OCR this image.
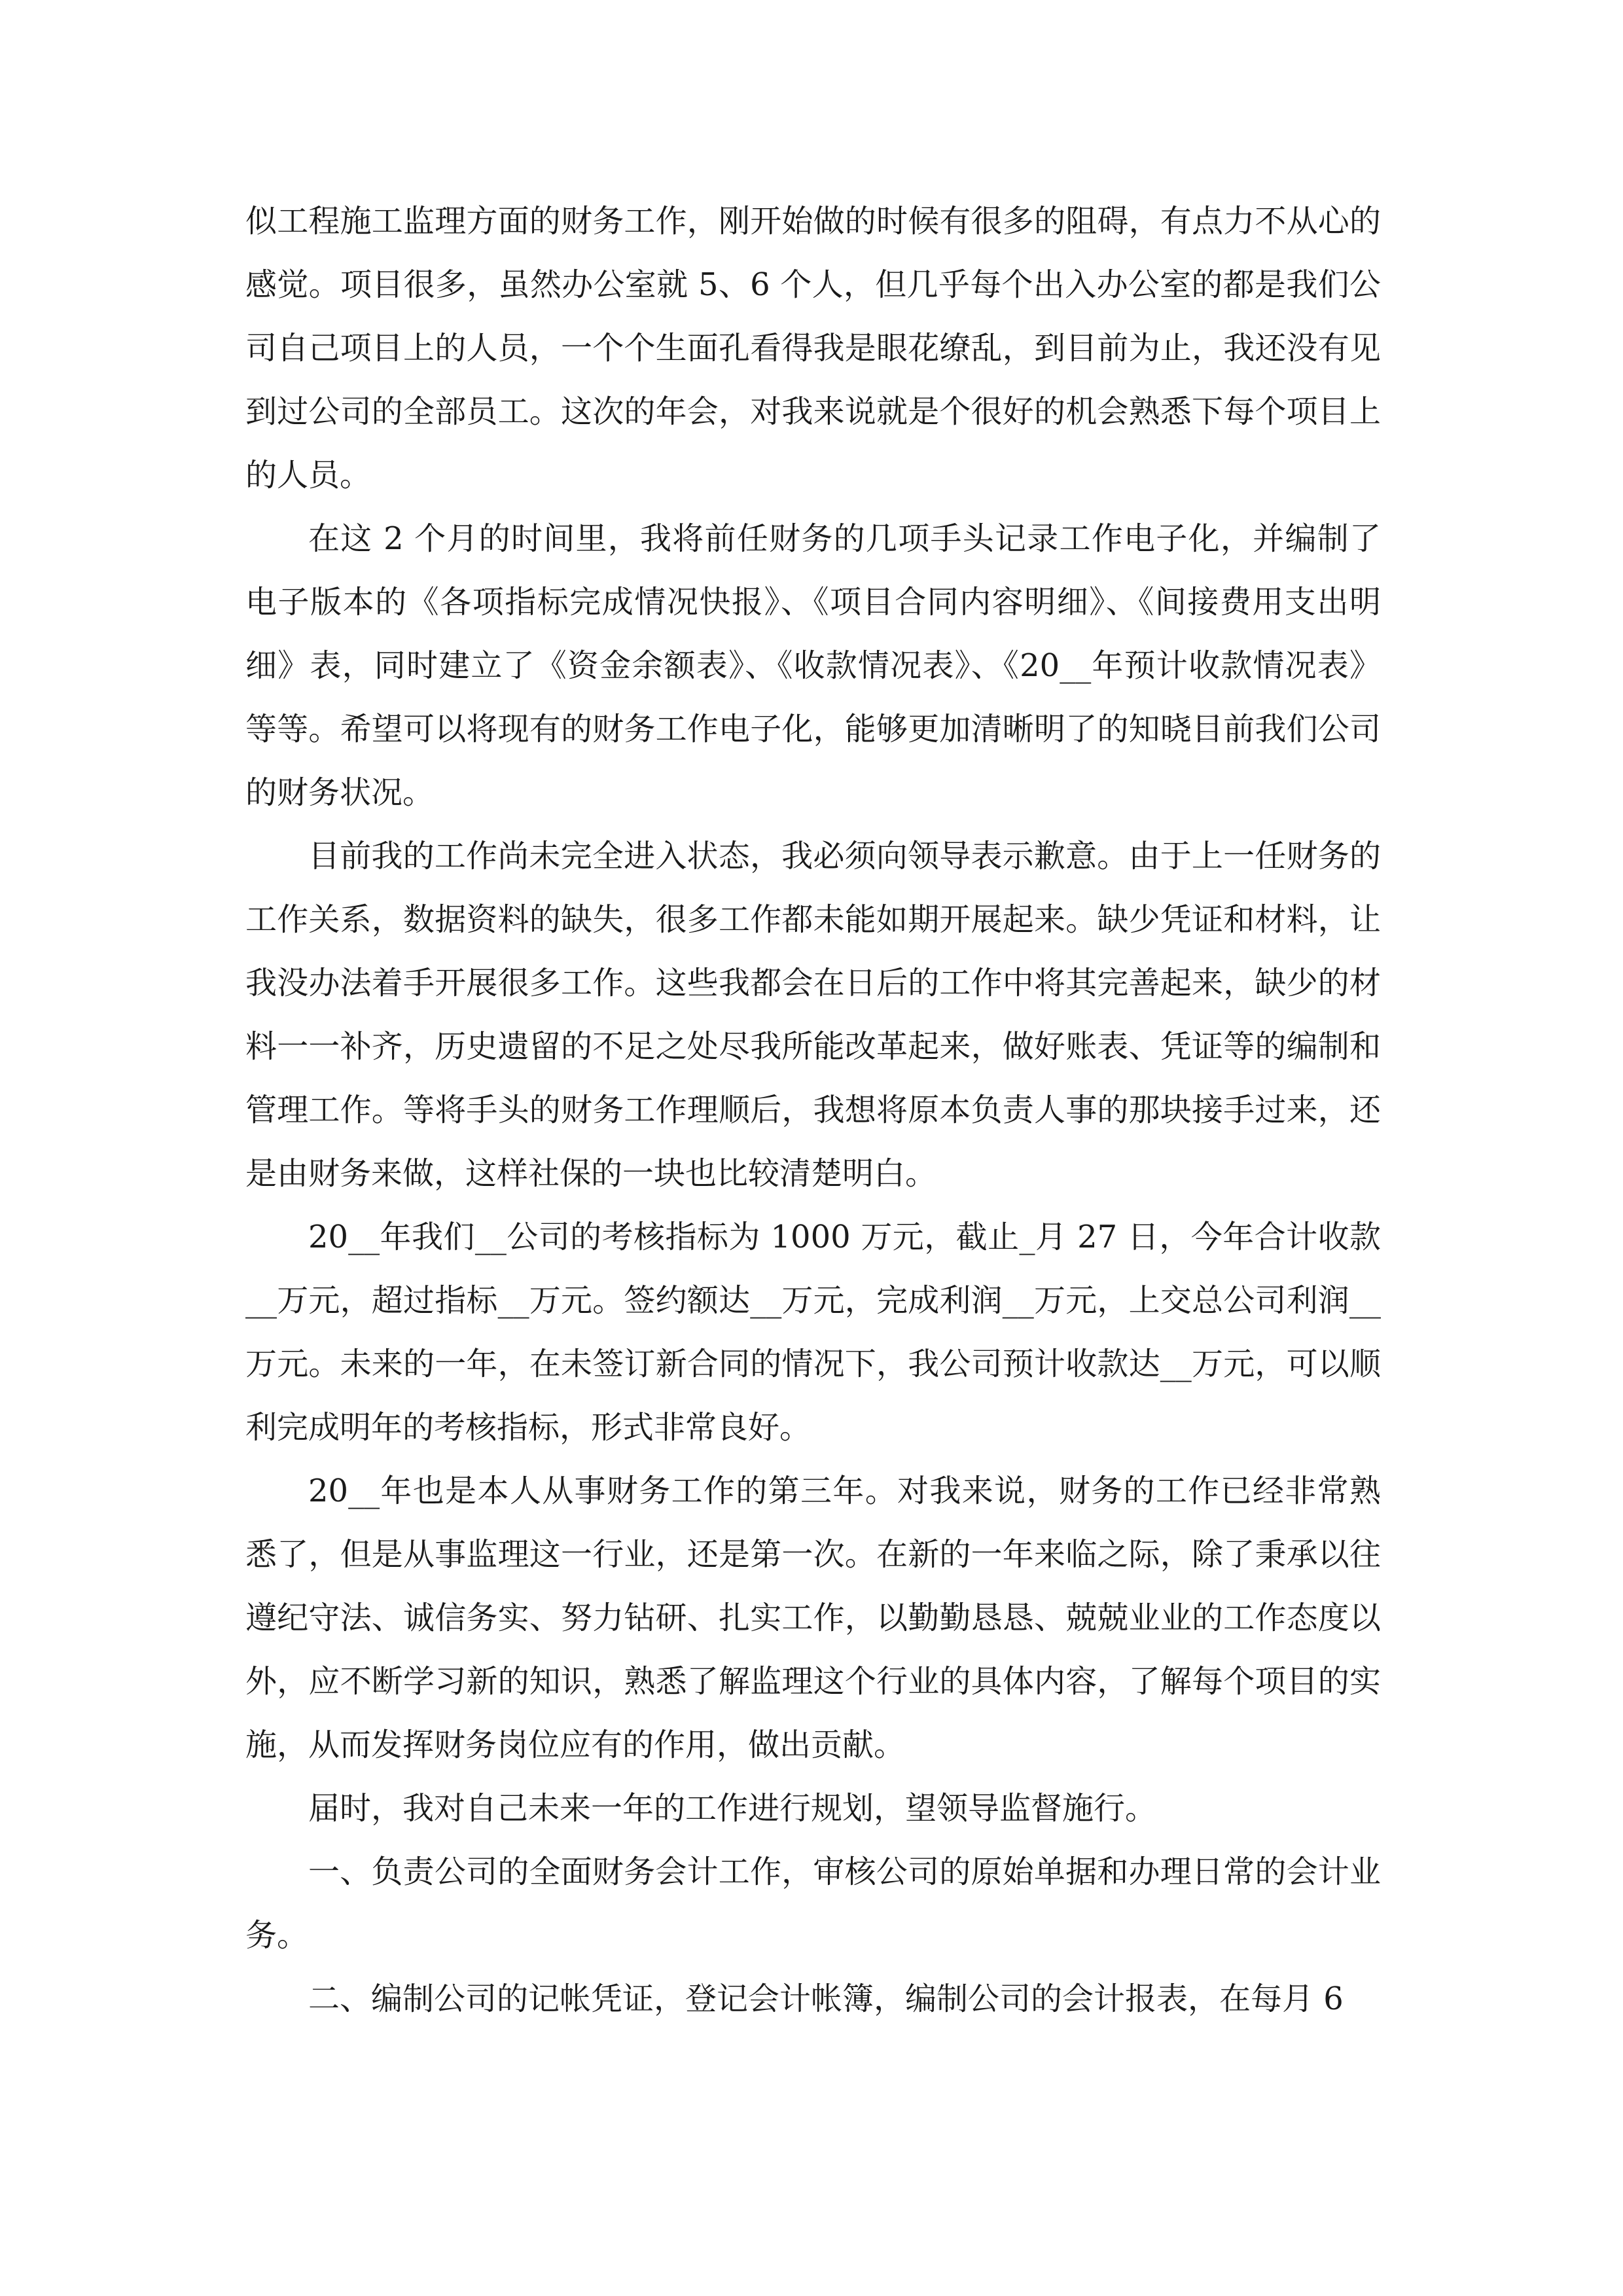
似工程施工监理方面的财务工作，刚开始做的时候有很多的阻碍，有点力不从心的感觉。项目很多，虽然办公室就 5、6 个人，但几乎每个出入办公室的都是我们公司自己项目上的人员，一个个生面孔看得我是眼花缭乱，到目前为止，我还没有见到过公司的全部员工。这次的年会，对我来说就是个很好的机会熟悉下每个项目上的人员。

在这 2 个月的时间里，我将前任财务的几项手头记录工作电子化，并编制了电子版本的《各项指标完成情况快报》、《项目合同内容明细》、《间接费用支出明细》表，同时建立了《资金余额表》、《收款情况表》、《20__年预计收款情况表》等等。希望可以将现有的财务工作电子化，能够更加清晰明了的知晓目前我们公司的财务状况。

目前我的工作尚未完全进入状态，我必须向领导表示歉意。由于上一任财务的工作关系，数据资料的缺失，很多工作都未能如期开展起来。缺少凭证和材料，让我没办法着手开展很多工作。这些我都会在日后的工作中将其完善起来，缺少的材料一一补齐，历史遗留的不足之处尽我所能改革起来，做好账表、凭证等的编制和管理工作。等将手头的财务工作理顺后，我想将原本负责人事的那块接手过来，还是由财务来做，这样社保的一块也比较清楚明白。

20__年我们__公司的考核指标为 1000 万元，截止_月 27 日，今年合计收款__万元，超过指标__万元。签约额达__万元，完成利润__万元，上交总公司利润__万元。未来的一年，在未签订新合同的情况下，我公司预计收款达__万元，可以顺利完成明年的考核指标，形式非常良好。

20__年也是本人从事财务工作的第三年。对我来说，财务的工作已经非常熟悉了，但是从事监理这一行业，还是第一次。在新的一年来临之际，除了秉承以往遵纪守法、诚信务实、努力钻研、扎实工作，以勤勤恳恳、兢兢业业的工作态度以外，应不断学习新的知识，熟悉了解监理这个行业的具体内容，了解每个项目的实施，从而发挥财务岗位应有的作用，做出贡献。

届时，我对自己未来一年的工作进行规划，望领导监督施行。

一、负责公司的全面财务会计工作，审核公司的原始单据和办理日常的会计业务。

二、编制公司的记帐凭证，登记会计帐簿，编制公司的会计报表，在每月 6
